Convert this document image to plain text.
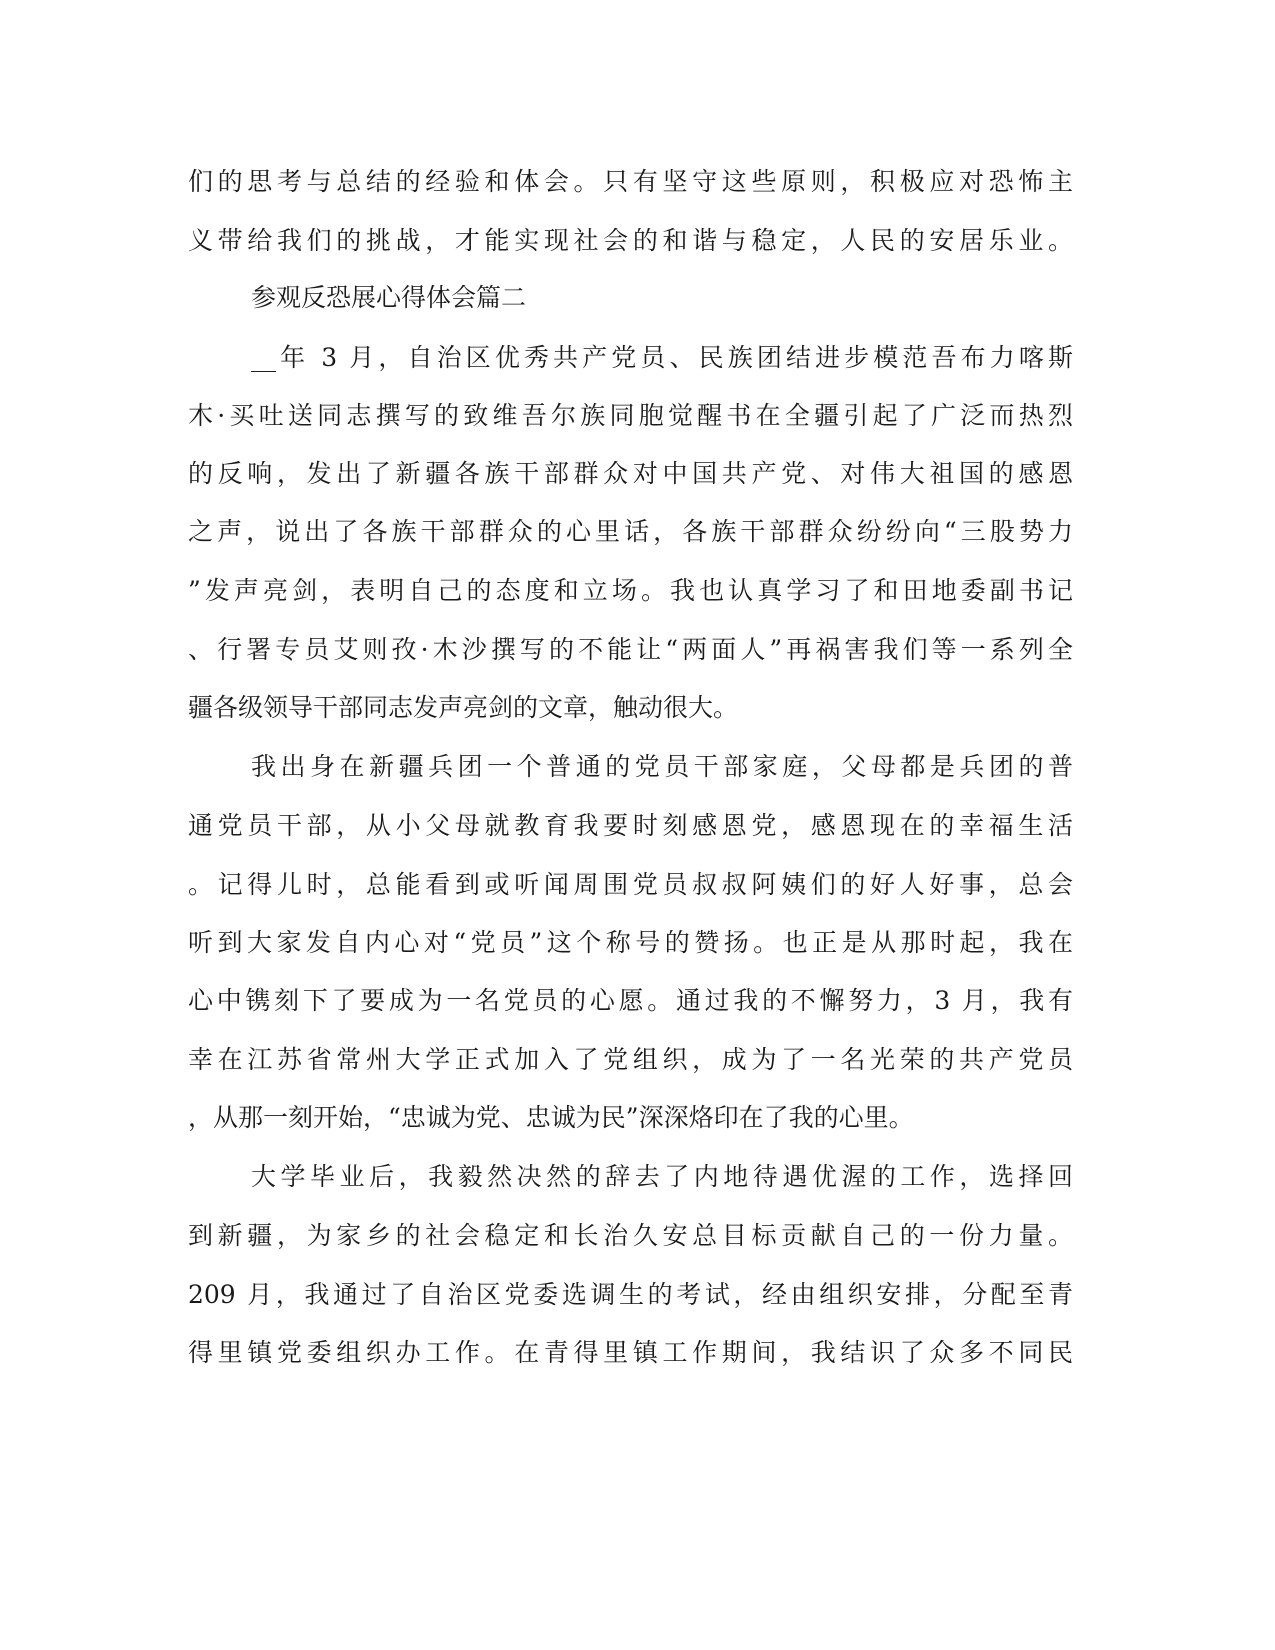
们的思考与总结的经验和体会。只有坚守这些原则，积极应对恐怖主

义带给我们的挑战，才能实现社会的和谐与稳定，人民的安居乐业。

参观反恐展心得体会篇二

__年 3 月，自治区优秀共产党员、民族团结进步模范吾布力喀斯

木·买吐送同志撰写的致维吾尔族同胞觉醒书在全疆引起了广泛而热烈

的反响，发出了新疆各族干部群众对中国共产党、对伟大祖国的感恩

之声，说出了各族干部群众的心里话，各族干部群众纷纷向“三股势力

”发声亮剑，表明自己的态度和立场。我也认真学习了和田地委副书记

、行署专员艾则孜·木沙撰写的不能让“两面人”再祸害我们等一系列全

疆各级领导干部同志发声亮剑的文章，触动很大。

我出身在新疆兵团一个普通的党员干部家庭，父母都是兵团的普

通党员干部，从小父母就教育我要时刻感恩党，感恩现在的幸福生活

。记得儿时，总能看到或听闻周围党员叔叔阿姨们的好人好事，总会

听到大家发自内心对“党员”这个称号的赞扬。也正是从那时起，我在

心中镌刻下了要成为一名党员的心愿。通过我的不懈努力，3 月，我有

幸在江苏省常州大学正式加入了党组织，成为了一名光荣的共产党员

，从那一刻开始，“忠诚为党、忠诚为民”深深烙印在了我的心里。

大学毕业后，我毅然决然的辞去了内地待遇优渥的工作，选择回

到新疆，为家乡的社会稳定和长治久安总目标贡献自己的一份力量。

209 月，我通过了自治区党委选调生的考试，经由组织安排，分配至青

得里镇党委组织办工作。在青得里镇工作期间，我结识了众多不同民
